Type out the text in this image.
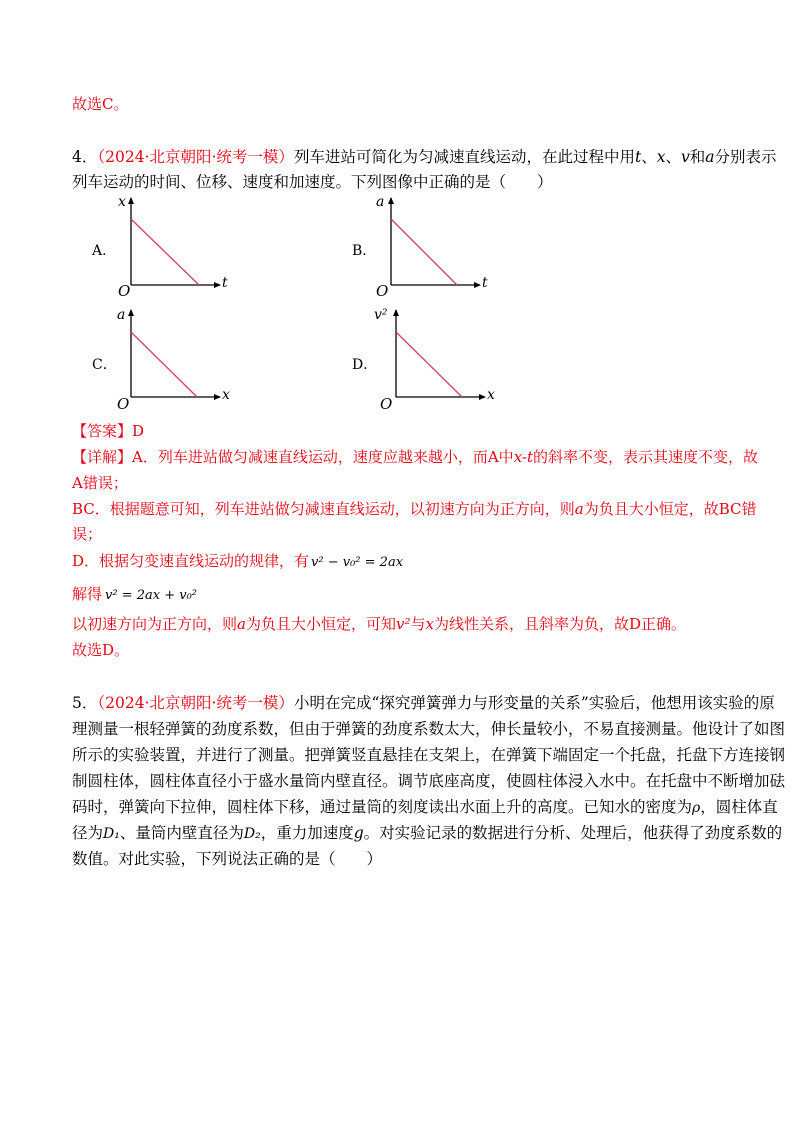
故选C。
4．（2024·北京朝阳·统考一模）列车进站可简化为匀减速直线运动，在此过程中用t、x、v和a分别表示
列车运动的时间、位移、速度和加速度。下列图像中正确的是（　　）
A．
x
t
O
B．
a
t
O
C．
a
x
O
D．
v²
x
O
【答案】D
【详解】A．列车进站做匀减速直线运动，速度应越来越小，而A中x-t的斜率不变，表示其速度不变，故
A错误；
BC．根据题意可知，列车进站做匀减速直线运动，以初速方向为正方向，则a为负且大小恒定，故BC错
误；
D．根据匀变速直线运动的规律，有 v² − v₀² = 2ax
解得 v² = 2ax + v₀²
以初速方向为正方向，则a为负且大小恒定，可知v²与x为线性关系，且斜率为负，故D正确。
故选D。
5．（2024·北京朝阳·统考一模）小明在完成“探究弹簧弹力与形变量的关系”实验后，他想用该实验的原
理测量一根轻弹簧的劲度系数，但由于弹簧的劲度系数太大，伸长量较小，不易直接测量。他设计了如图
所示的实验装置，并进行了测量。把弹簧竖直悬挂在支架上，在弹簧下端固定一个托盘，托盘下方连接钢
制圆柱体，圆柱体直径小于盛水量筒内壁直径。调节底座高度，使圆柱体浸入水中。在托盘中不断增加砝
码时，弹簧向下拉伸，圆柱体下移，通过量筒的刻度读出水面上升的高度。已知水的密度为ρ，圆柱体直
径为D₁、量筒内壁直径为D₂，重力加速度g。对实验记录的数据进行分析、处理后，他获得了劲度系数的
数值。对此实验，下列说法正确的是（　　）
